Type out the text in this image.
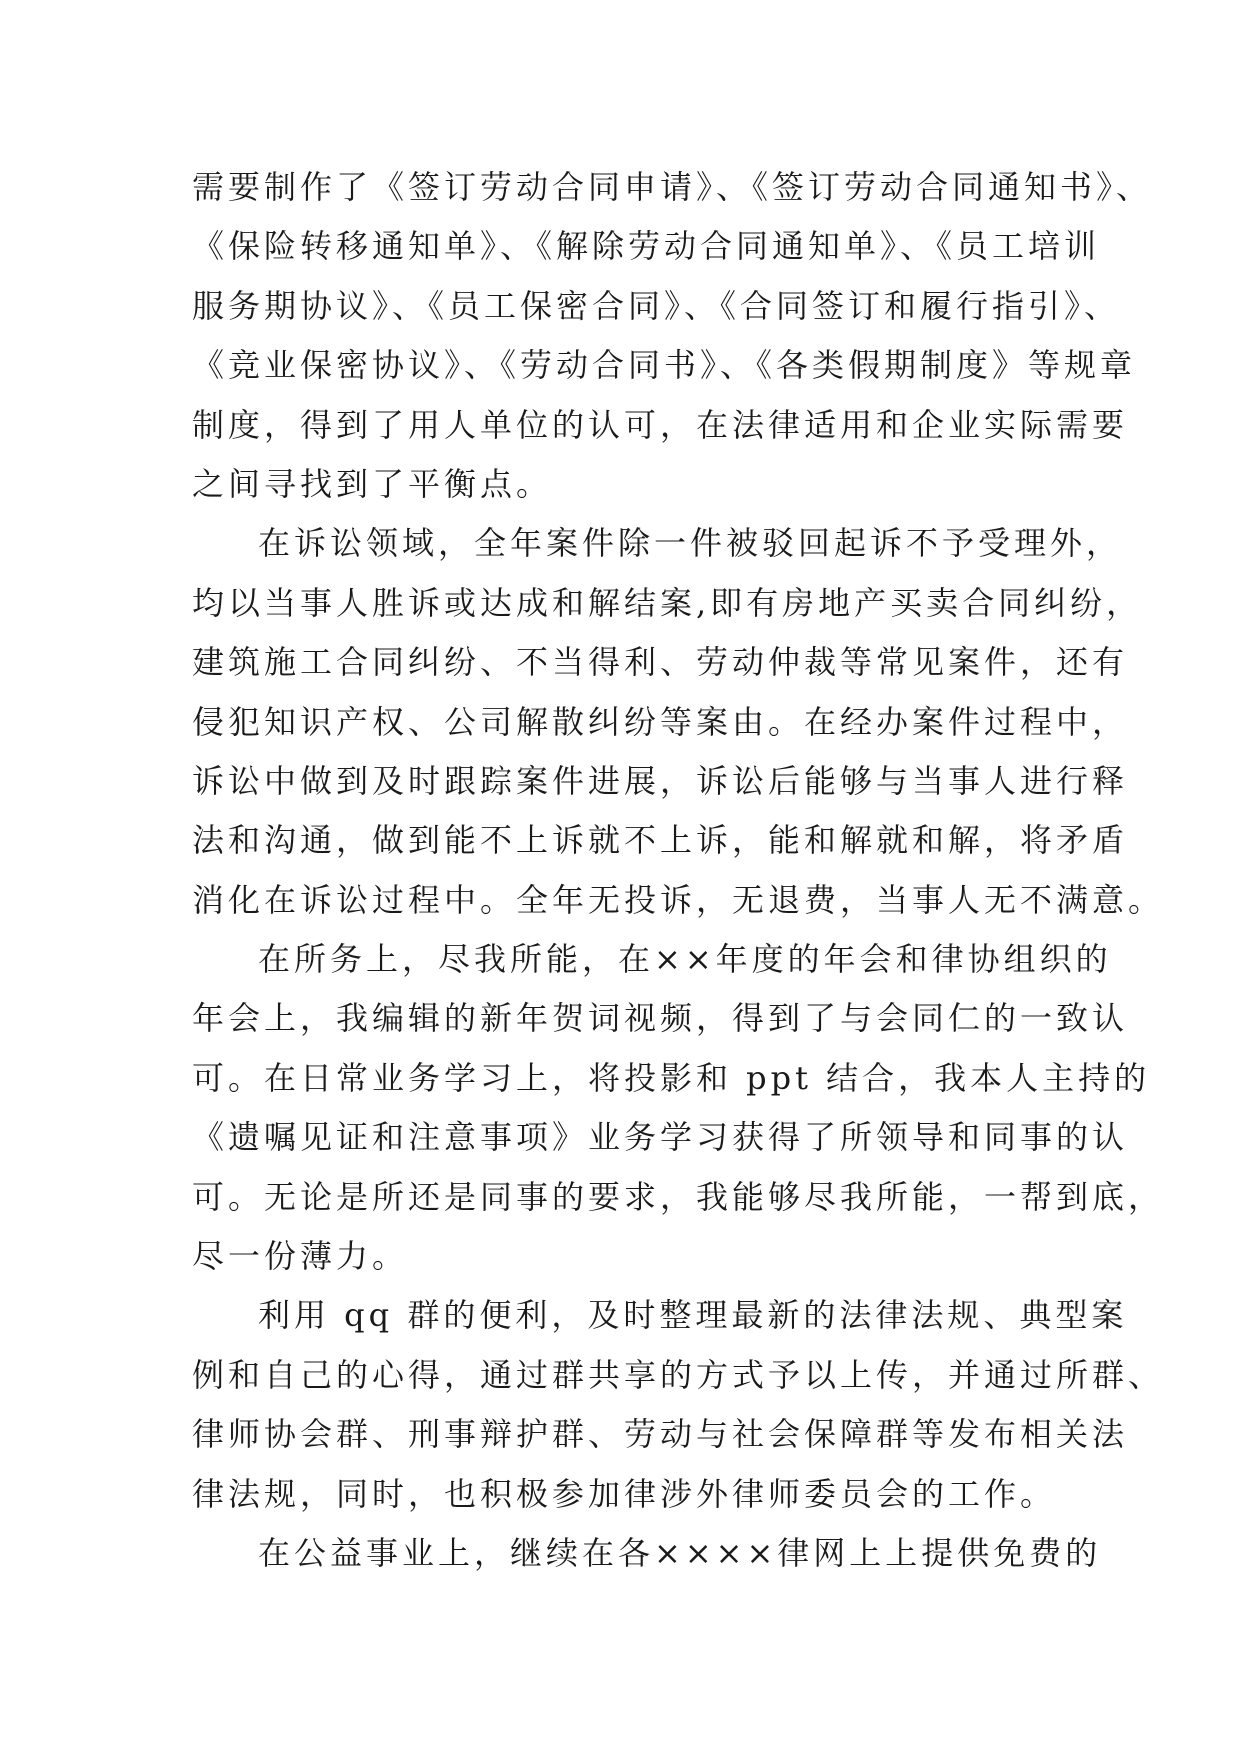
需要制作了《签订劳动合同申请》、《签订劳动合同通知书》、
《保险转移通知单》、《解除劳动合同通知单》、《员工培训
服务期协议》、《员工保密合同》、《合同签订和履行指引》、
《竞业保密协议》、《劳动合同书》、《各类假期制度》等规章
制度，得到了用人单位的认可，在法律适用和企业实际需要
之间寻找到了平衡点。
在诉讼领域，全年案件除一件被驳回起诉不予受理外，
均以当事人胜诉或达成和解结案,即有房地产买卖合同纠纷，
建筑施工合同纠纷、不当得利、劳动仲裁等常见案件，还有
侵犯知识产权、公司解散纠纷等案由。在经办案件过程中，
诉讼中做到及时跟踪案件进展，诉讼后能够与当事人进行释
法和沟通，做到能不上诉就不上诉，能和解就和解，将矛盾
消化在诉讼过程中。全年无投诉，无退费，当事人无不满意。
在所务上，尽我所能，在××年度的年会和律协组织的
年会上，我编辑的新年贺词视频，得到了与会同仁的一致认
可。在日常业务学习上，将投影和 ppt 结合，我本人主持的
《遗嘱见证和注意事项》业务学习获得了所领导和同事的认
可。无论是所还是同事的要求，我能够尽我所能，一帮到底，
尽一份薄力。
利用 qq 群的便利，及时整理最新的法律法规、典型案
例和自己的心得，通过群共享的方式予以上传，并通过所群、
律师协会群、刑事辩护群、劳动与社会保障群等发布相关法
律法规，同时，也积极参加律涉外律师委员会的工作。
在公益事业上，继续在各××××律网上上提供免费的
